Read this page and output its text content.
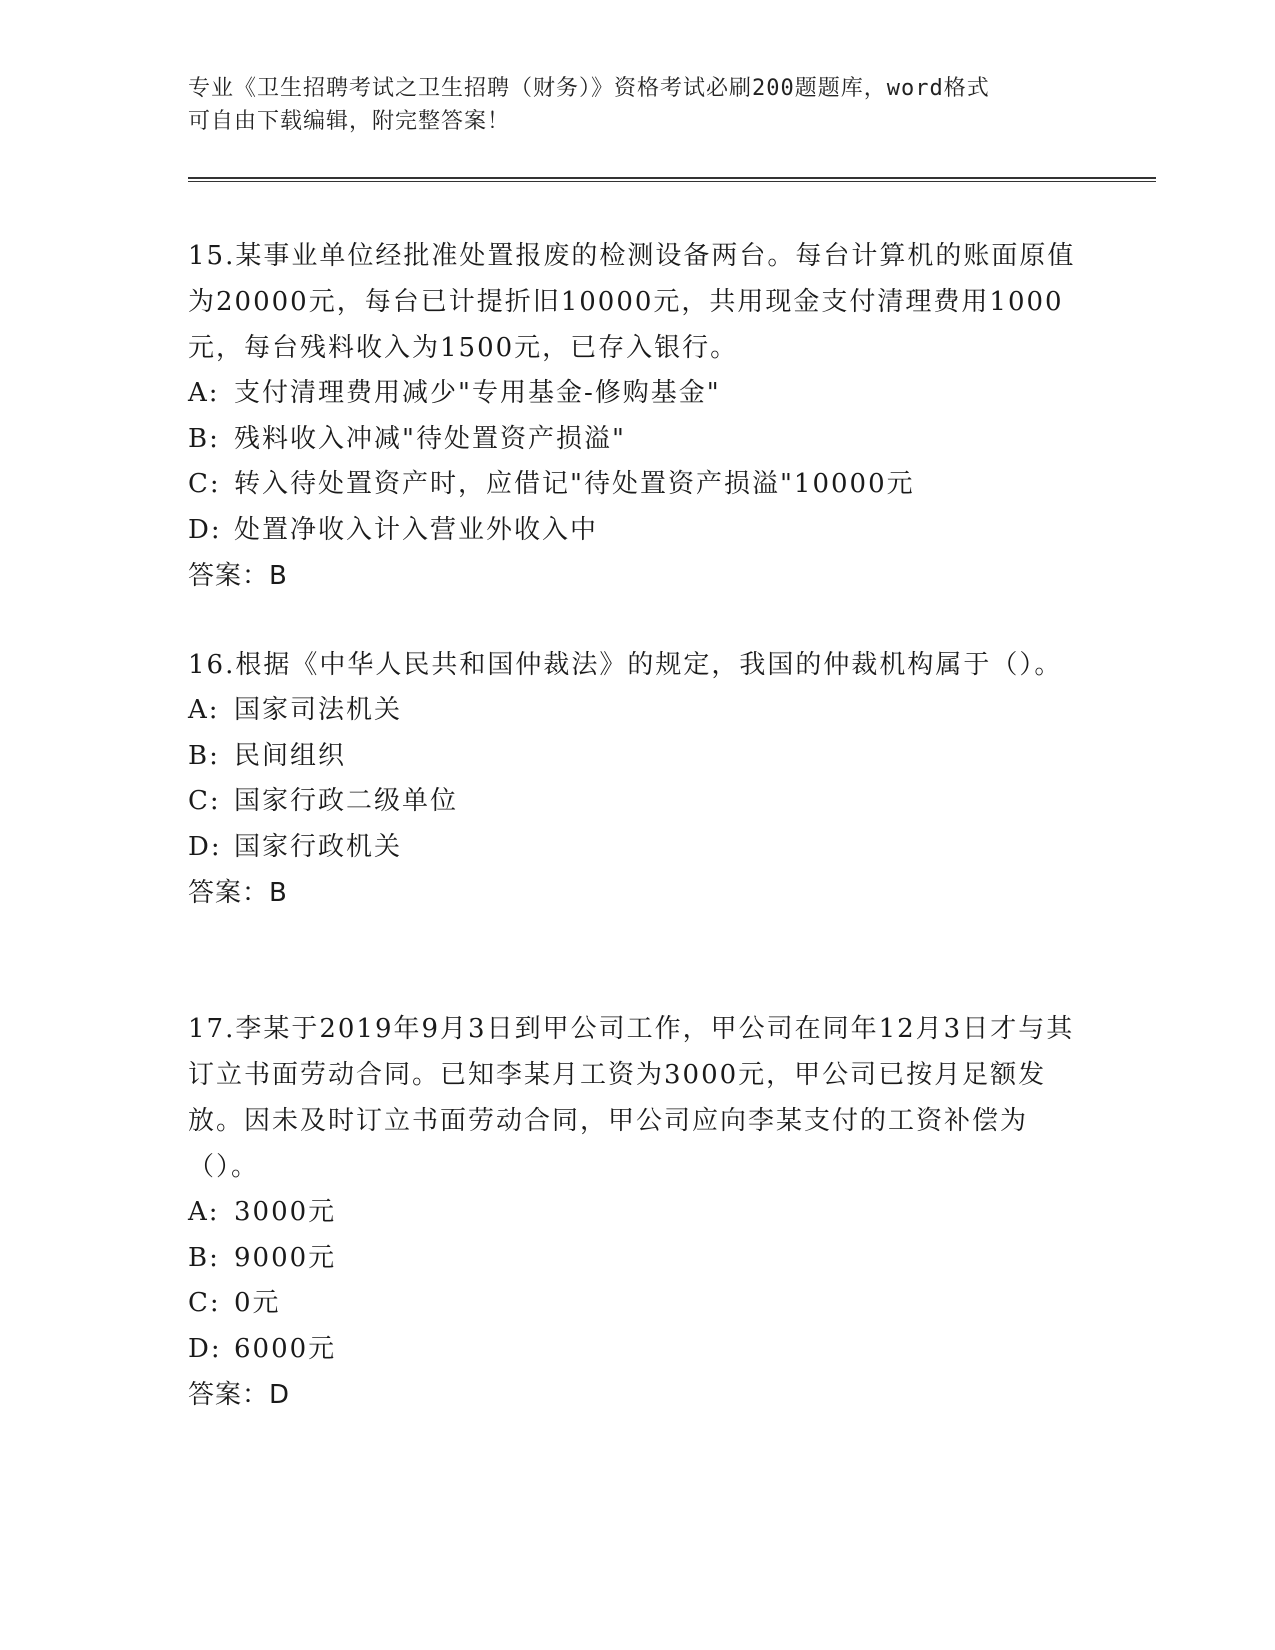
专业《卫生招聘考试之卫生招聘（财务）》资格考试必刷200题题库，word格式
可自由下载编辑，附完整答案！

15.某事业单位经批准处置报废的检测设备两台。每台计算机的账面原值为20000元，每台已计提折旧10000元，共用现金支付清理费用1000元，每台残料收入为1500元，已存入银行。

A: 支付清理费用减少"专用基金-修购基金"

B: 残料收入冲减"待处置资产损溢"

C: 转入待处置资产时，应借记"待处置资产损溢"10000元

D: 处置净收入计入营业外收入中

答案：B

16.根据《中华人民共和国仲裁法》的规定，我国的仲裁机构属于（）。

A: 国家司法机关

B: 民间组织

C: 国家行政二级单位

D: 国家行政机关

答案：B

17.李某于2019年9月3日到甲公司工作，甲公司在同年12月3日才与其订立书面劳动合同。已知李某月工资为3000元，甲公司已按月足额发放。因未及时订立书面劳动合同，甲公司应向李某支付的工资补偿为（）。

A: 3000元

B: 9000元

C: 0元

D: 6000元

答案：D
